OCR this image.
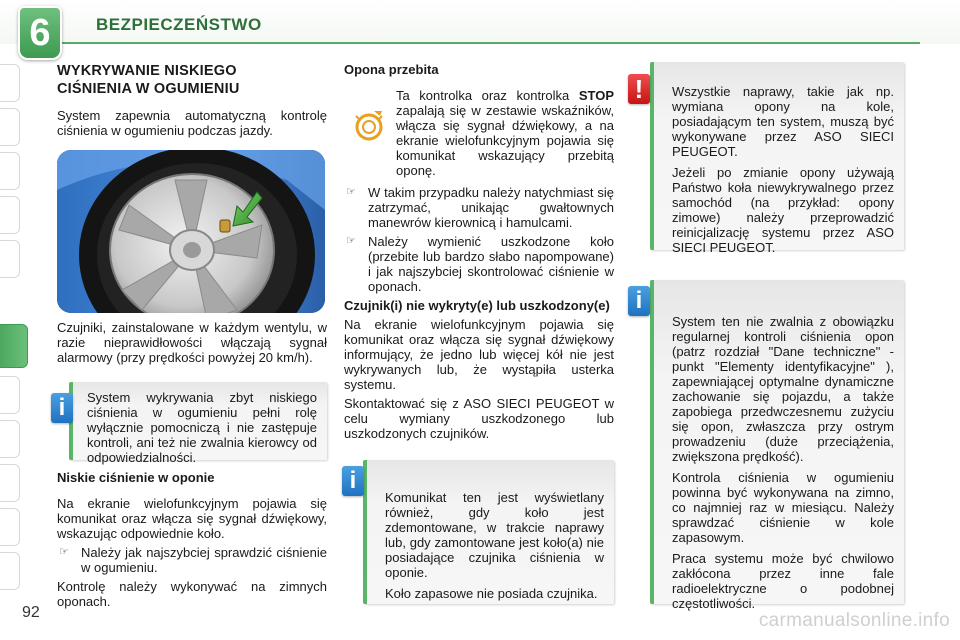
6	BEZPIECZEŃSTWO
WYKRYWANIE NISKIEGO
CIŚNIENIA W OGUMIENIU
System zapewnia automatyczną kontrolę ciśnienia w ogumieniu podczas jazdy.
Czujniki, zainstalowane w każdym wentylu, w razie nieprawidłowości włączają sygnał alarmowy (przy prędkości powyżej 20 km/h).
System wykrywania zbyt niskiego ciśnienia w ogumieniu pełni rolę wyłącznie pomocniczą i nie zastępuje kontroli, ani też nie zwalnia kierowcy od odpowiedzialności.
i
Niskie ciśnienie w oponie
Na ekranie wielofunkcyjnym pojawia się komunikat oraz włącza się sygnał dźwiękowy, wskazując odpowiednie koło.
☞ Należy jak najszybciej sprawdzić ciśnienie w ogumieniu.
Kontrolę należy wykonywać na zimnych oponach.
Opona przebita
Ta kontrolka oraz kontrolka STOP zapalają się w zestawie wskaźników, włącza się sygnał dźwiękowy, a na ekranie wielofunkcyjnym pojawia się komunikat wskazujący przebitą oponę.
☞ W takim przypadku należy natychmiast się zatrzymać, unikając gwałtownych manewrów kierownicą i hamulcami.
☞ Należy wymienić uszkodzone koło (przebite lub bardzo słabo napompowane) i jak najszybciej skontrolować ciśnienie w oponach.
Czujnik(i) nie wykryty(e) lub uszkodzony(e)
Na ekranie wielofunkcyjnym pojawia się komunikat oraz włącza się sygnał dźwiękowy informujący, że jedno lub więcej kół nie jest wykrywanych lub, że wystąpiła usterka systemu.
Skontaktować się z ASO SIECI PEUGEOT w celu wymiany uszkodzonego lub uszkodzonych czujników.
Komunikat ten jest wyświetlany również, gdy koło jest zdemontowane, w trakcie naprawy lub, gdy zamontowane jest koło(a) nie posiadające czujnika ciśnienia w oponie.
Koło zapasowe nie posiada czujnika.
i
Wszystkie naprawy, takie jak np. wymiana opony na kole, posiadającym ten system, muszą być wykonywane przez ASO SIECI PEUGEOT.
Jeżeli po zmianie opony używają Państwo koła niewykrywalnego przez samochód (na przykład: opony zimowe) należy przeprowadzić reinicjalizację systemu przez ASO SIECI PEUGEOT.
!
System ten nie zwalnia z obowiązku regularnej kontroli ciśnienia opon (patrz rozdział "Dane techniczne" - punkt "Elementy identyfikacyjne" ), zapewniającej optymalne dynamiczne zachowanie się pojazdu, a także zapobiega przedwczesnemu zużyciu się opon, zwłaszcza przy ostrym prowadzeniu (duże przeciążenia, zwiększona prędkość).
Kontrola ciśnienia w ogumieniu powinna być wykonywana na zimno, co najmniej raz w miesiącu. Należy sprawdzać ciśnienie w kole zapasowym.
Praca systemu może być chwilowo zakłócona przez inne fale radioelektryczne o podobnej częstotliwości.
i
92	carmanualsonline.info
